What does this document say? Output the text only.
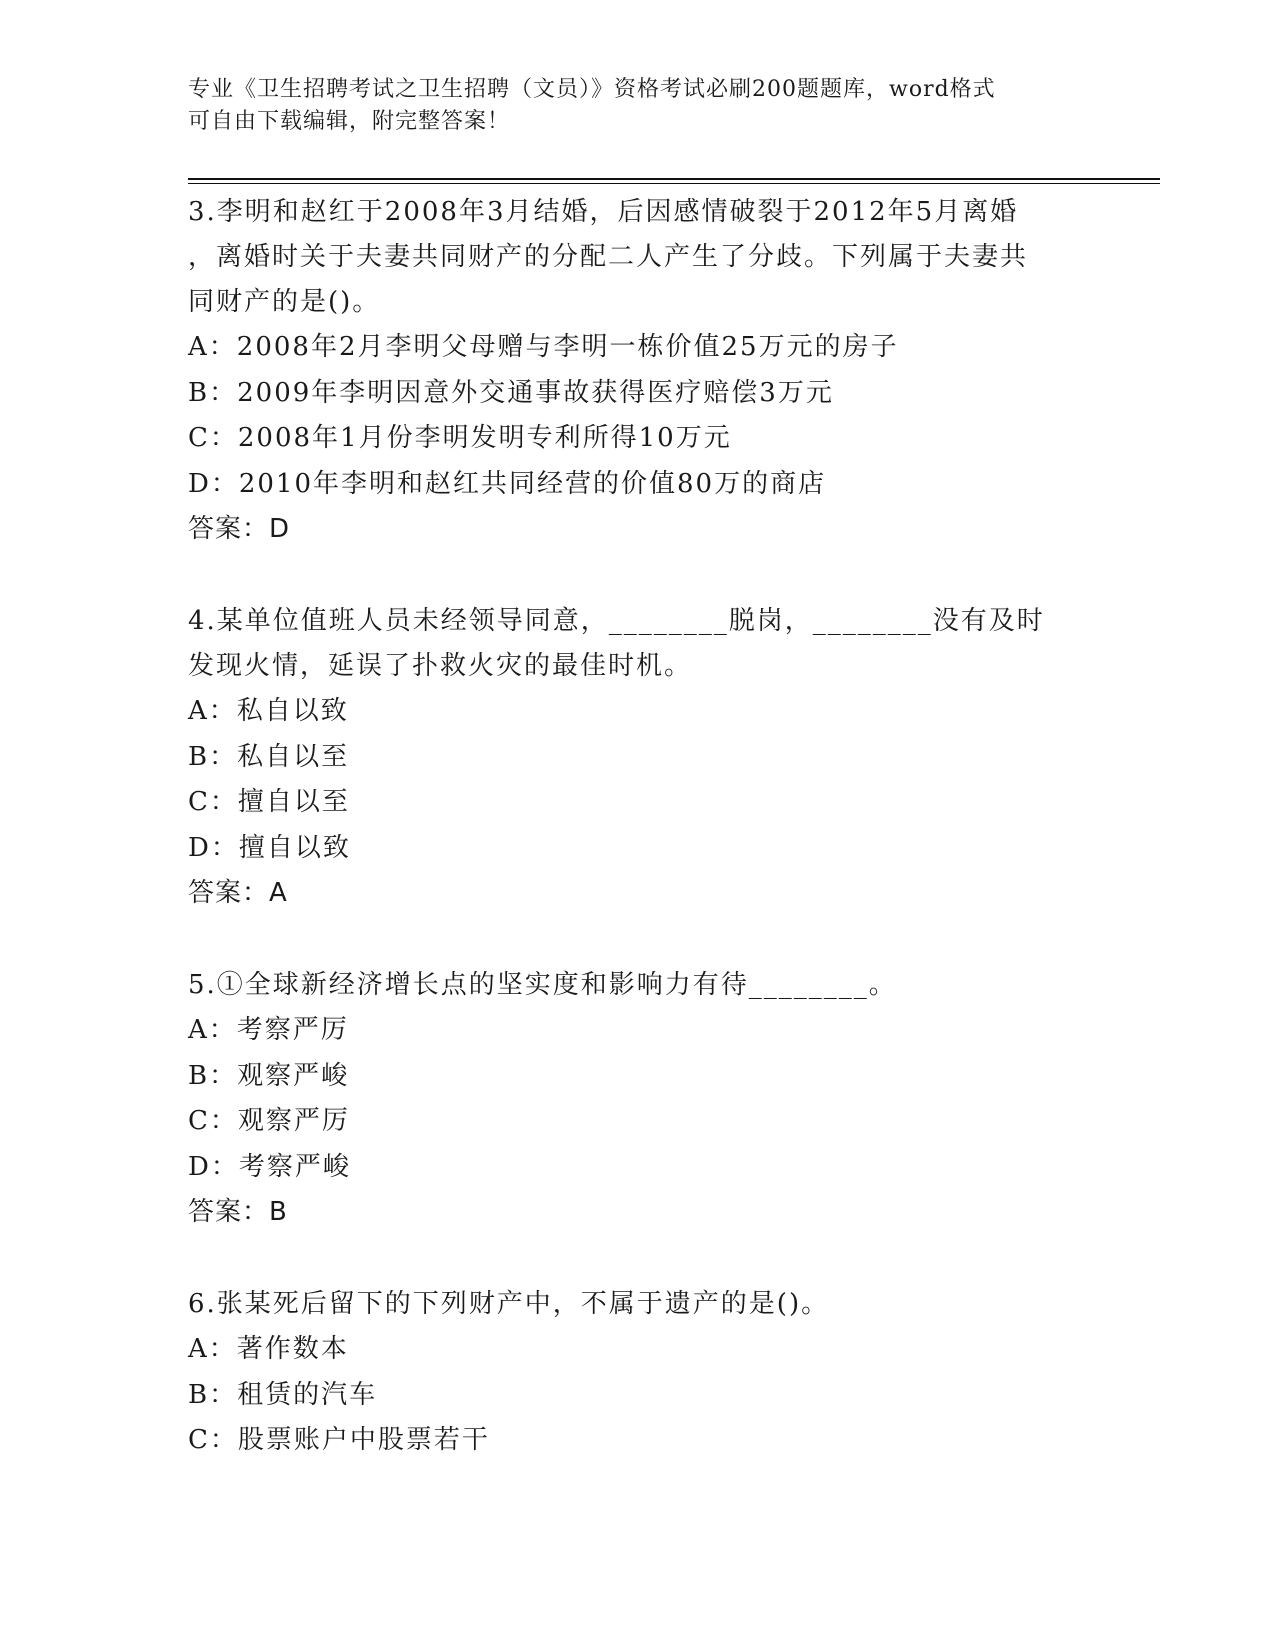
专业《卫生招聘考试之卫生招聘（文员）》资格考试必刷200题题库，word格式
可自由下载编辑，附完整答案！

3.李明和赵红于2008年3月结婚，后因感情破裂于2012年5月离婚

，离婚时关于夫妻共同财产的分配二人产生了分歧。下列属于夫妻共

同财产的是()。

A：2008年2月李明父母赠与李明一栋价值25万元的房子

B：2009年李明因意外交通事故获得医疗赔偿3万元

C：2008年1月份李明发明专利所得10万元

D：2010年李明和赵红共同经营的价值80万的商店

答案：D

4.某单位值班人员未经领导同意，________脱岗，________没有及时

发现火情，延误了扑救火灾的最佳时机。

A：私自以致

B：私自以至

C：擅自以至

D：擅自以致

答案：A

5.①全球新经济增长点的坚实度和影响力有待________。

A：考察严厉

B：观察严峻

C：观察严厉

D：考察严峻

答案：B

6.张某死后留下的下列财产中，不属于遗产的是()。

A：著作数本

B：租赁的汽车

C：股票账户中股票若干
